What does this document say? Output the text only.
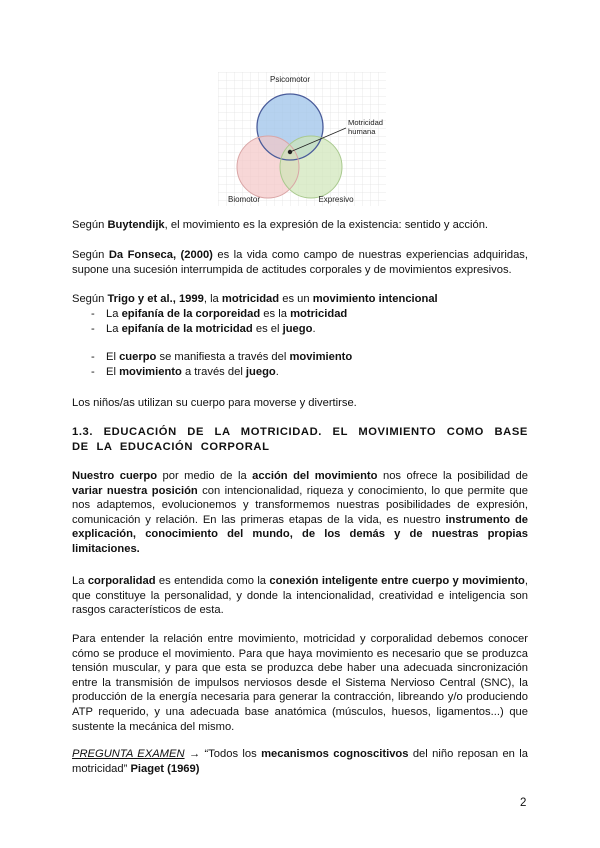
Psicomotor
Motricidad
humana
Biomotor	Expresivo

Según Buytendijk, el movimiento es la expresión de la existencia: sentido y acción.

Según Da Fonseca, (2000) es la vida como campo de nuestras experiencias adquiridas, supone una sucesión interrumpida de actitudes corporales y de movimientos expresivos.

Según Trigo y et al., 1999, la motricidad es un movimiento intencional

- La epifanía de la corporeidad es la motricidad
- La epifanía de la motricidad es el juego.
- El cuerpo se manifiesta a través del movimiento
- El movimiento a través del juego.

Los niños/as utilizan su cuerpo para moverse y divertirse.

1.3. EDUCACIÓN DE LA MOTRICIDAD. EL MOVIMIENTO COMO BASE DE LA EDUCACIÓN CORPORAL

Nuestro cuerpo por medio de la acción del movimiento nos ofrece la posibilidad de variar nuestra posición con intencionalidad, riqueza y conocimiento, lo que permite que nos adaptemos, evolucionemos y transformemos nuestras posibilidades de expresión, comunicación y relación. En las primeras etapas de la vida, es nuestro instrumento de explicación, conocimiento del mundo, de los demás y de nuestras propias limitaciones.

La corporalidad es entendida como la conexión inteligente entre cuerpo y movimiento, que constituye la personalidad, y donde la intencionalidad, creatividad e inteligencia son rasgos característicos de esta.

Para entender la relación entre movimiento, motricidad y corporalidad debemos conocer cómo se produce el movimiento. Para que haya movimiento es necesario que se produzca tensión muscular, y para que esta se produzca debe haber una adecuada sincronización entre la transmisión de impulsos nerviosos desde el Sistema Nervioso Central (SNC), la producción de la energía necesaria para generar la contracción, libreando y/o produciendo ATP requerido, y una adecuada base anatómica (músculos, huesos, ligamentos...) que sustente la mecánica del mismo.

PREGUNTA EXAMEN → “Todos los mecanismos cognoscitivos del niño reposan en la motricidad” Piaget (1969)

2
